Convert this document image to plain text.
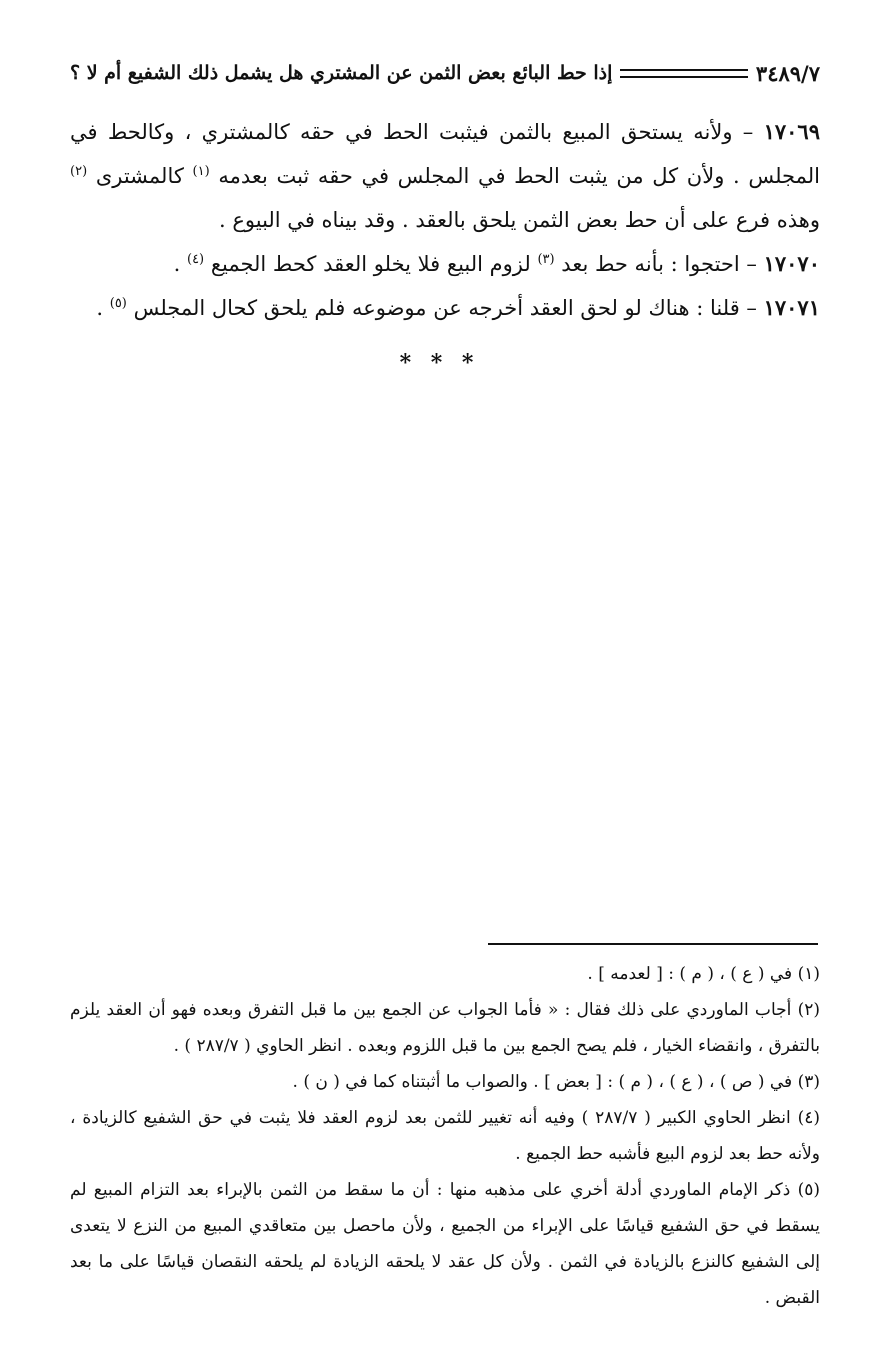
إذا حط البائع بعض الثمن عن المشتري هل يشمل ذلك الشفيع أم لا ؟	٣٤٨٩/٧

١٧٠٦٩ – ولأنه يستحق المبيع بالثمن فيثبت الحط في حقه كالمشتري ، وكالحط في المجلس . ولأن كل من يثبت الحط في المجلس في حقه ثبت بعدمه $^{(١)}$ كالمشترى $^{(٢)}$ وهذه فرع على أن حط بعض الثمن يلحق بالعقد . وقد بيناه في البيوع .

١٧٠٧٠ – احتجوا : بأنه حط بعد $^{(٣)}$ لزوم البيع فلا يخلو العقد كحط الجميع $^{(٤)}$ .

١٧٠٧١ – قلنا : هناك لو لحق العقد أخرجه عن موضوعه فلم يلحق كحال المجلس $^{(٥)}$ .

* * *

(١) في ( ع ) ، ( م ) : [ لعدمه ] .

(٢) أجاب الماوردي على ذلك فقال : « فأما الجواب عن الجمع بين ما قبل التفرق وبعده فهو أن العقد يلزم بالتفرق ، وانقضاء الخيار ، فلم يصح الجمع بين ما قبل اللزوم وبعده . انظر الحاوي ( ٢٨٧/٧ ) .

(٣) في ( ص ) ، ( ع ) ، ( م ) : [ بعض ] . والصواب ما أثبتناه كما في ( ن ) .

(٤) انظر الحاوي الكبير ( ٢٨٧/٧ ) وفيه أنه تغيير للثمن بعد لزوم العقد فلا يثبت في حق الشفيع كالزيادة ، ولأنه حط بعد لزوم البيع فأشبه حط الجميع .

(٥) ذكر الإمام الماوردي أدلة أخري على مذهبه منها : أن ما سقط من الثمن بالإبراء بعد التزام المبيع لم يسقط في حق الشفيع قياسًا على الإبراء من الجميع ، ولأن ماحصل بين متعاقدي المبيع من النزع لا يتعدى إلى الشفيع كالنزع بالزيادة في الثمن . ولأن كل عقد لا يلحقه الزيادة لم يلحقه النقصان قياسًا على ما بعد القبض .
